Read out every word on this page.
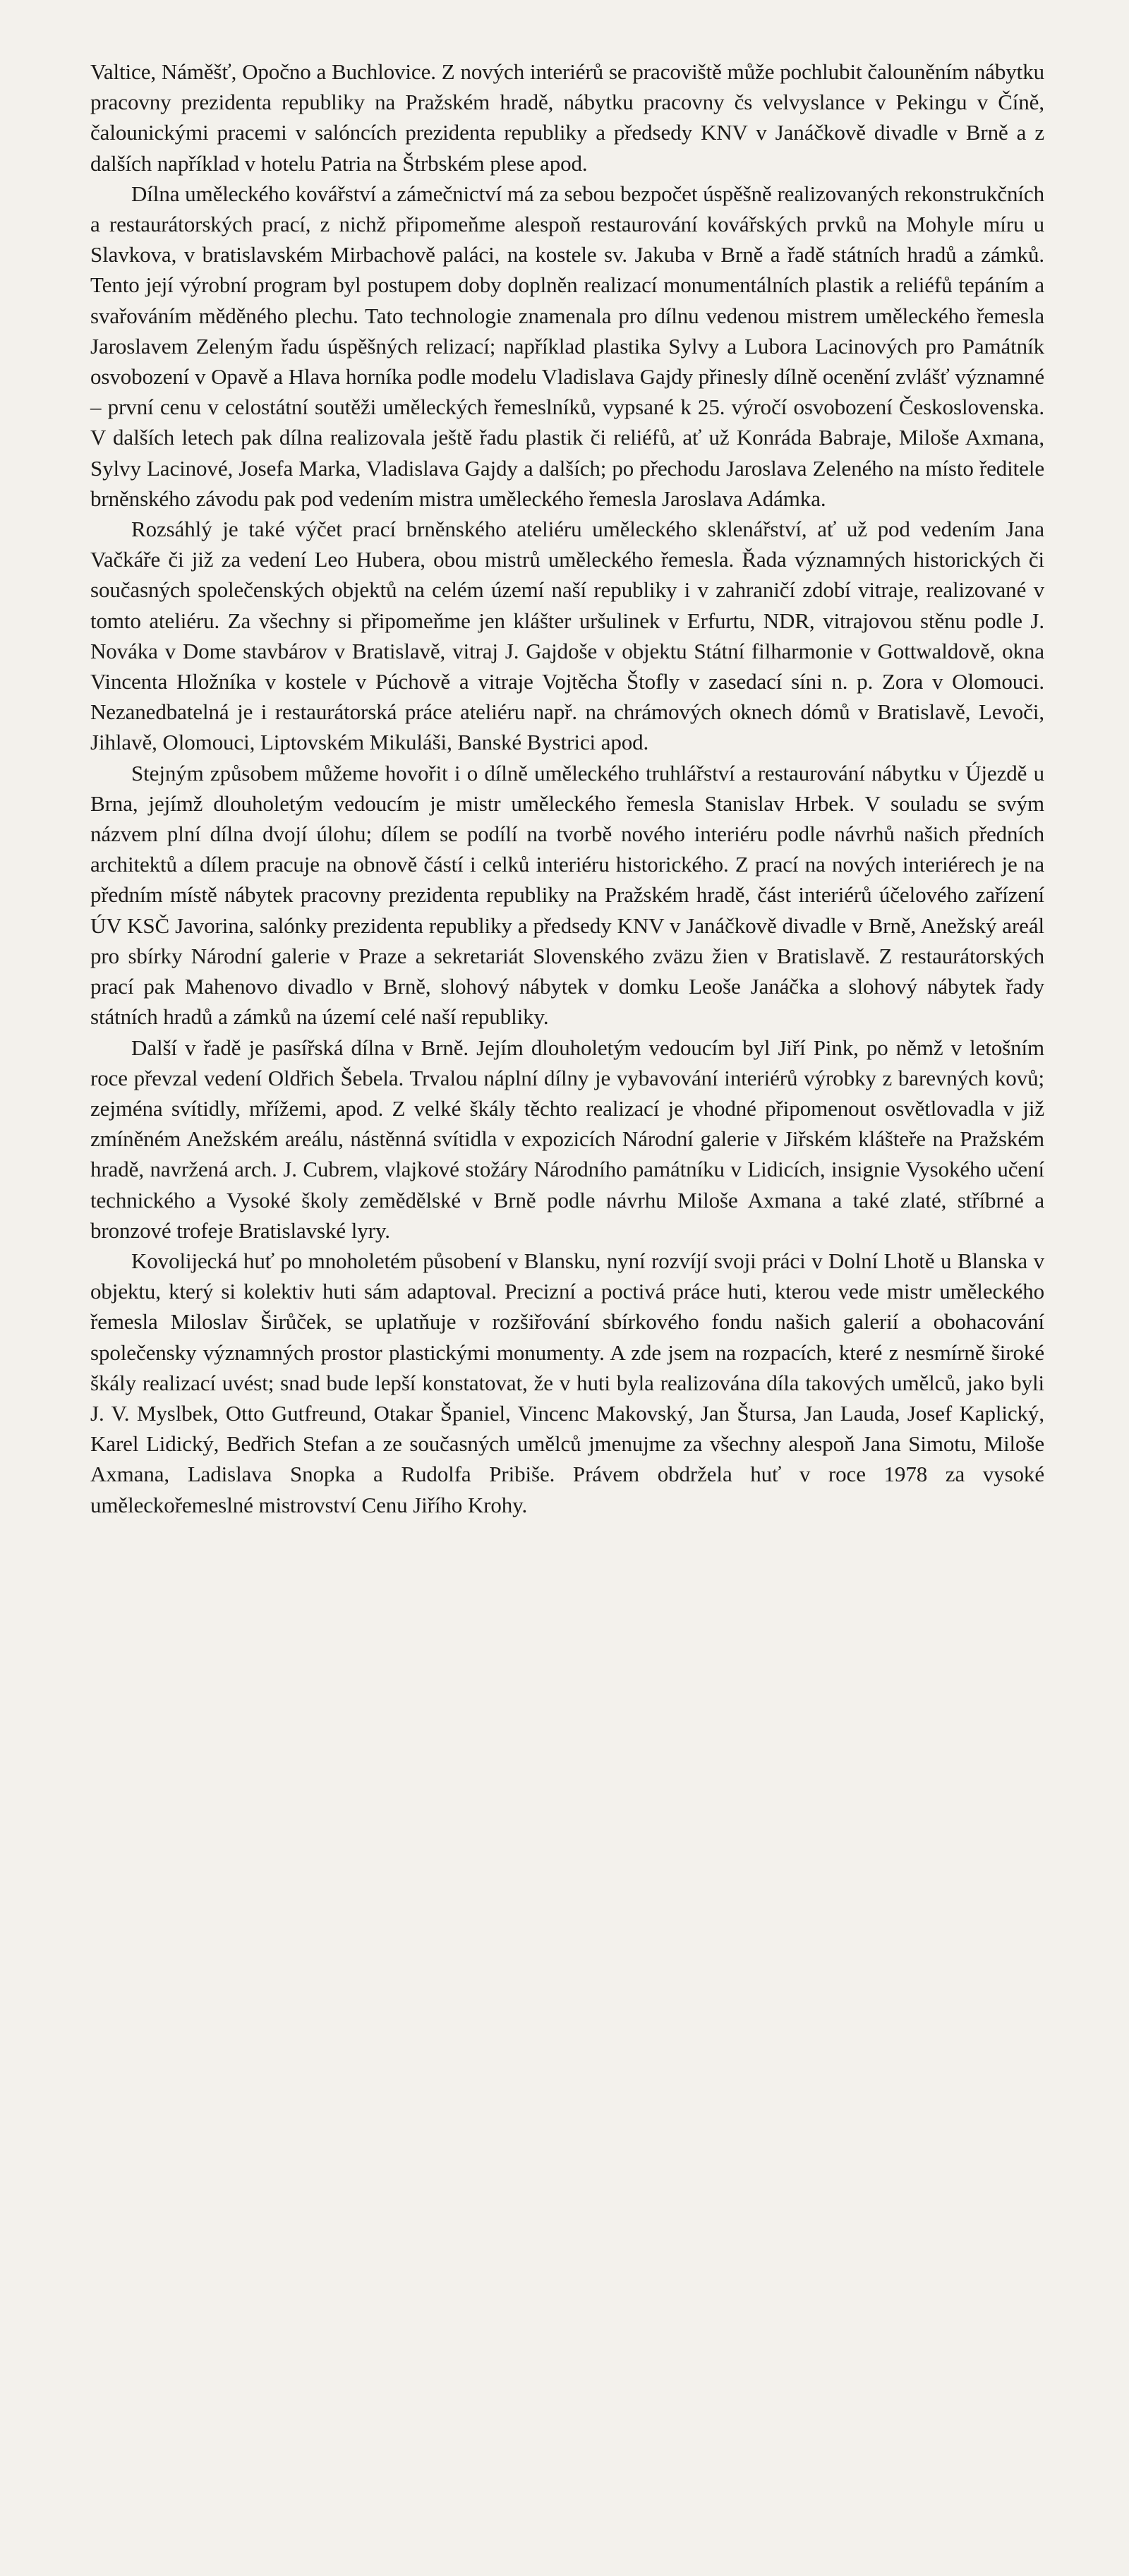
Valtice, Náměšť, Opočno a Buchlovice. Z nových interiérů se pracoviště může pochlubit čalouněním nábytku pracovny prezidenta republiky na Pražském hradě, nábytku pracovny čs velvyslance v Pekingu v Číně, čalounickými pracemi v salóncích prezidenta republiky a předsedy KNV v Janáčkově divadle v Brně a z dalších například v hotelu Patria na Štrbském plese apod.

Dílna uměleckého kovářství a zámečnictví má za sebou bezpočet úspěšně realizovaných rekonstrukčních a restaurátorských prací, z nichž připomeňme alespoň restaurování kovářských prvků na Mohyle míru u Slavkova, v bratislavském Mirbachově paláci, na kostele sv. Jakuba v Brně a řadě státních hradů a zámků. Tento její výrobní program byl postupem doby doplněn realizací monumentálních plastik a reliéfů tepáním a svařováním měděného plechu. Tato technologie znamenala pro dílnu vedenou mistrem uměleckého řemesla Jaroslavem Zeleným řadu úspěšných relizací; například plastika Sylvy a Lubora Lacinových pro Památník osvobození v Opavě a Hlava horníka podle modelu Vladislava Gajdy přinesly dílně ocenění zvlášť významné – první cenu v celostátní soutěži uměleckých řemeslníků, vypsané k 25. výročí osvobození Československa. V dalších letech pak dílna realizovala ještě řadu plastik či reliéfů, ať už Konráda Babraje, Miloše Axmana, Sylvy Lacinové, Josefa Marka, Vladislava Gajdy a dalších; po přechodu Jaroslava Zeleného na místo ředitele brněnského závodu pak pod vedením mistra uměleckého řemesla Jaroslava Adámka.

Rozsáhlý je také výčet prací brněnského ateliéru uměleckého sklenářství, ať už pod vedením Jana Vačkáře či již za vedení Leo Hubera, obou mistrů uměleckého řemesla. Řada významných historických či současných společenských objektů na celém území naší republiky i v zahraničí zdobí vitraje, realizované v tomto ateliéru. Za všechny si připomeňme jen klášter uršulinek v Erfurtu, NDR, vitrajovou stěnu podle J. Nováka v Dome stavbárov v Bratislavě, vitraj J. Gajdoše v objektu Státní filharmonie v Gottwaldově, okna Vincenta Hložníka v kostele v Púchově a vitraje Vojtěcha Štofly v zasedací síni n. p. Zora v Olomouci. Nezanedbatelná je i restaurátorská práce ateliéru např. na chrámových oknech dómů v Bratislavě, Levoči, Jihlavě, Olomouci, Liptovském Mikuláši, Banské Bystrici apod.

Stejným způsobem můžeme hovořit i o dílně uměleckého truhlářství a restaurování nábytku v Újezdě u Brna, jejímž dlouholetým vedoucím je mistr uměleckého řemesla Stanislav Hrbek. V souladu se svým názvem plní dílna dvojí úlohu; dílem se podílí na tvorbě nového interiéru podle návrhů našich předních architektů a dílem pracuje na obnově částí i celků interiéru historického. Z prací na nových interiérech je na předním místě nábytek pracovny prezidenta republiky na Pražském hradě, část interiérů účelového zařízení ÚV KSČ Javorina, salónky prezidenta republiky a předsedy KNV v Janáčkově divadle v Brně, Anežský areál pro sbírky Národní galerie v Praze a sekretariát Slovenského zväzu žien v Bratislavě. Z restaurátorských prací pak Mahenovo divadlo v Brně, slohový nábytek v domku Leoše Janáčka a slohový nábytek řady státních hradů a zámků na území celé naší republiky.

Další v řadě je pasířská dílna v Brně. Jejím dlouholetým vedoucím byl Jiří Pink, po němž v letošním roce převzal vedení Oldřich Šebela. Trvalou náplní dílny je vybavování interiérů výrobky z barevných kovů; zejména svítidly, mřížemi, apod. Z velké škály těchto realizací je vhodné připomenout osvětlovadla v již zmíněném Anežském areálu, nástěnná svítidla v expozicích Národní galerie v Jiřském klášteře na Pražském hradě, navržená arch. J. Cubrem, vlajkové stožáry Národního památníku v Lidicích, insignie Vysokého učení technického a Vysoké školy zemědělské v Brně podle návrhu Miloše Axmana a také zlaté, stříbrné a bronzové trofeje Bratislavské lyry.

Kovolijecká huť po mnoholetém působení v Blansku, nyní rozvíjí svoji práci v Dolní Lhotě u Blanska v objektu, který si kolektiv huti sám adaptoval. Precizní a poctivá práce huti, kterou vede mistr uměleckého řemesla Miloslav Širůček, se uplatňuje v rozšiřování sbírkového fondu našich galerií a obohacování společensky významných prostor plastickými monumenty. A zde jsem na rozpacích, které z nesmírně široké škály realizací uvést; snad bude lepší konstatovat, že v huti byla realizována díla takových umělců, jako byli J. V. Myslbek, Otto Gutfreund, Otakar Španiel, Vincenc Makovský, Jan Štursa, Jan Lauda, Josef Kaplický, Karel Lidický, Bedřich Stefan a ze současných umělců jmenujme za všechny alespoň Jana Simotu, Miloše Axmana, Ladislava Snopka a Rudolfa Pribiše. Právem obdržela huť v roce 1978 za vysoké uměleckořemeslné mistrovství Cenu Jiřího Krohy.
